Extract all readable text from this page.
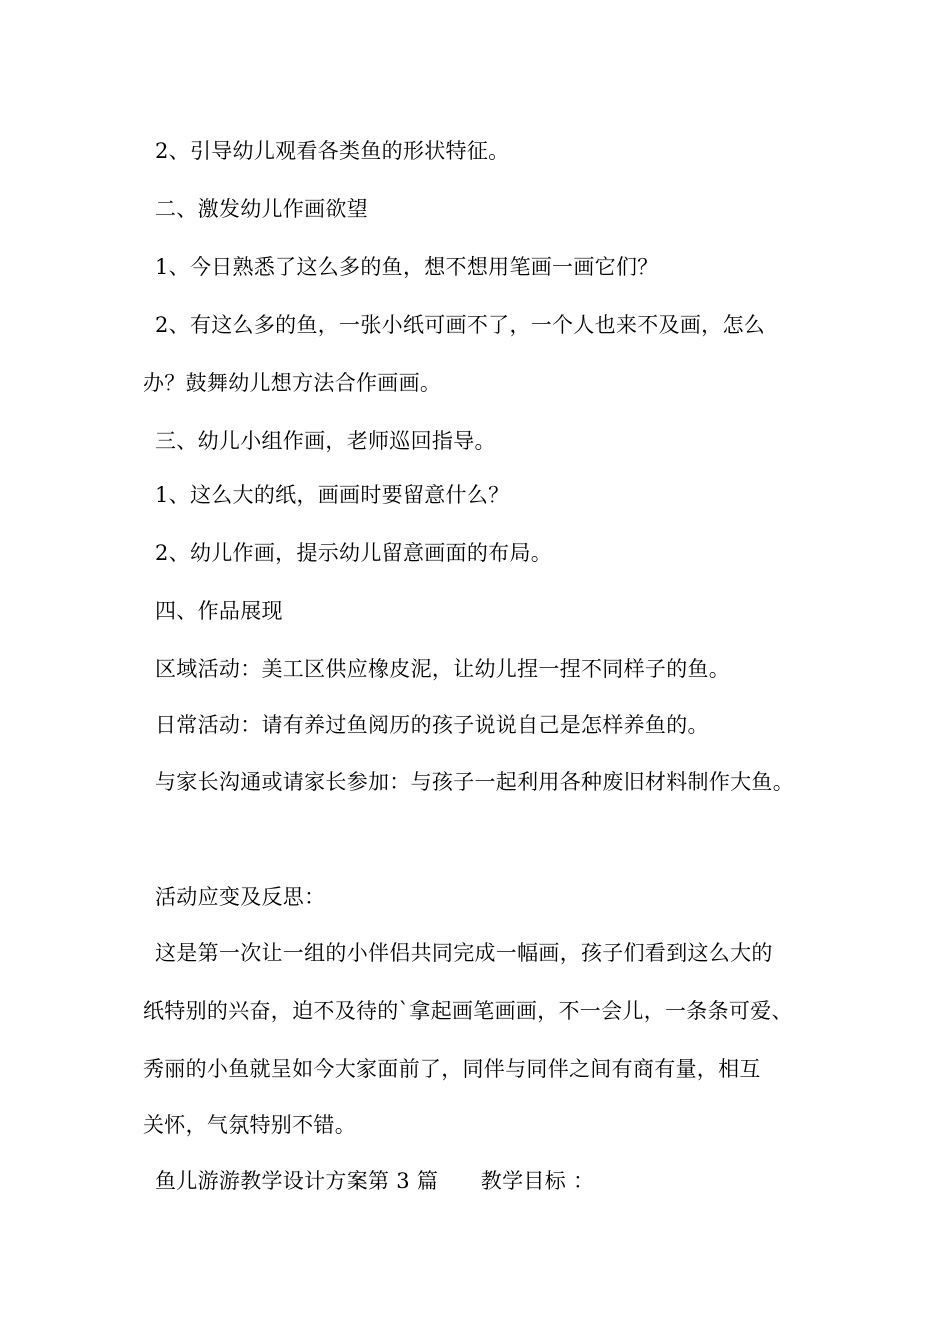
2、引导幼儿观看各类鱼的形状特征。
二、激发幼儿作画欲望
1、今日熟悉了这么多的鱼，想不想用笔画一画它们？
2、有这么多的鱼，一张小纸可画不了，一个人也来不及画，怎么
办？鼓舞幼儿想方法合作画画。
三、幼儿小组作画，老师巡回指导。
1、这么大的纸，画画时要留意什么？
2、幼儿作画，提示幼儿留意画面的布局。
四、作品展现
区域活动：美工区供应橡皮泥，让幼儿捏一捏不同样子的鱼。
日常活动：请有养过鱼阅历的孩子说说自己是怎样养鱼的。
与家长沟通或请家长参加：与孩子一起利用各种废旧材料制作大鱼。
活动应变及反思：
这是第一次让一组的小伴侣共同完成一幅画，孩子们看到这么大的
纸特别的兴奋，迫不及待的`拿起画笔画画，不一会儿，一条条可爱、
秀丽的小鱼就呈如今大家面前了，同伴与同伴之间有商有量，相互
关怀，气氛特别不错。
鱼儿游游教学设计方案第 3 篇　　教学目标 ：
